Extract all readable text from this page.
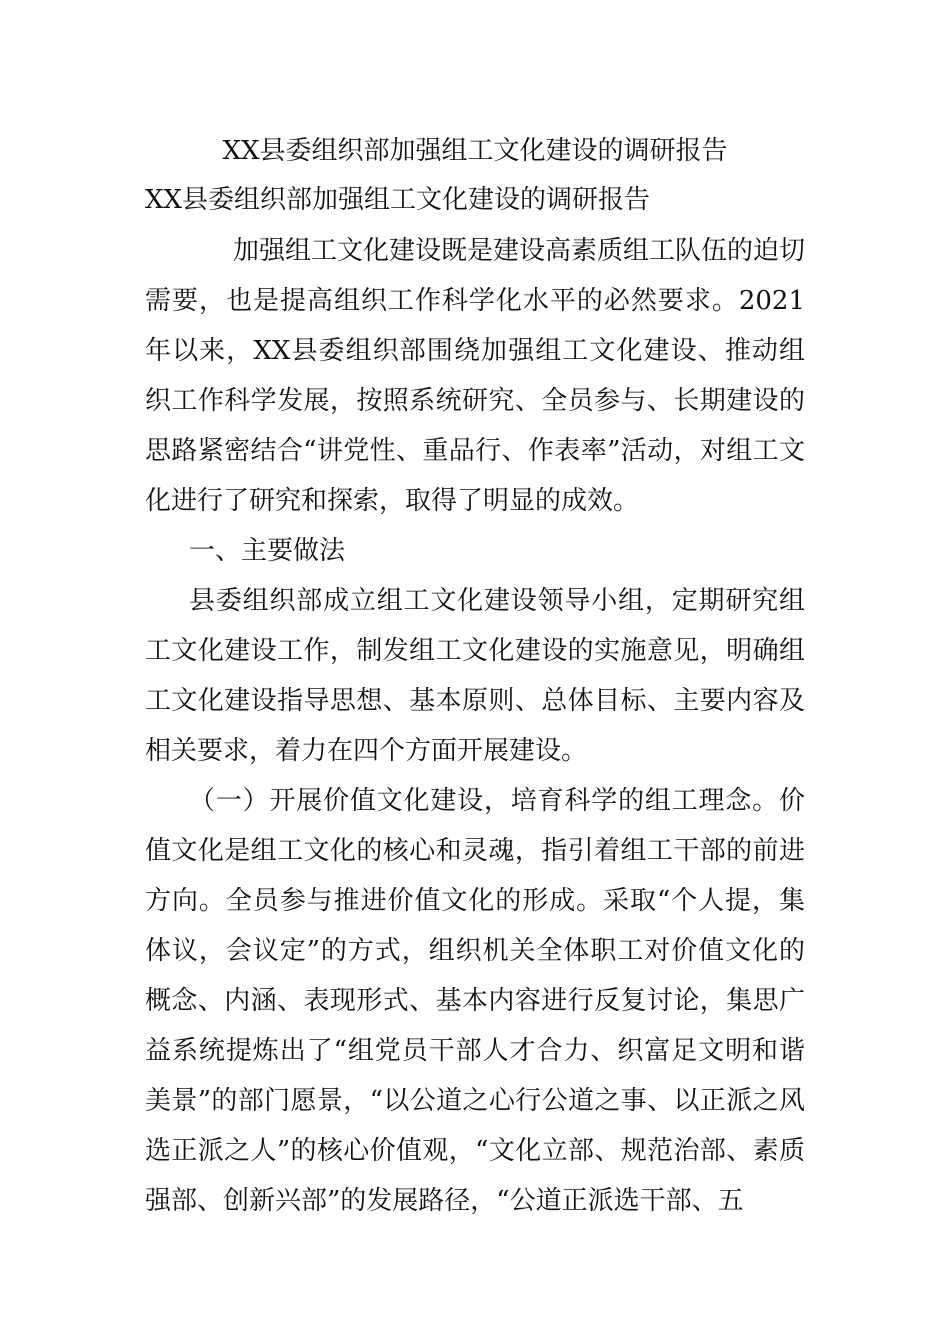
XX县委组织部加强组工文化建设的调研报告
XX县委组织部加强组工文化建设的调研报告

加强组工文化建设既是建设高素质组工队伍的迫切需要，也是提高组织工作科学化水平的必然要求。2021年以来，XX县委组织部围绕加强组工文化建设、推动组织工作科学发展，按照系统研究、全员参与、长期建设的思路紧密结合“讲党性、重品行、作表率”活动，对组工文化进行了研究和探索，取得了明显的成效。

一、主要做法

县委组织部成立组工文化建设领导小组，定期研究组工文化建设工作，制发组工文化建设的实施意见，明确组工文化建设指导思想、基本原则、总体目标、主要内容及相关要求，着力在四个方面开展建设。

（一）开展价值文化建设，培育科学的组工理念。价值文化是组工文化的核心和灵魂，指引着组工干部的前进方向。全员参与推进价值文化的形成。采取“个人提，集体议，会议定”的方式，组织机关全体职工对价值文化的概念、内涵、表现形式、基本内容进行反复讨论，集思广益系统提炼出了“组党员干部人才合力、织富足文明和谐美景”的部门愿景，“以公道之心行公道之事、以正派之风选正派之人”的核心价值观，“文化立部、规范治部、素质强部、创新兴部”的发展路径，“公道正派选干部、五
